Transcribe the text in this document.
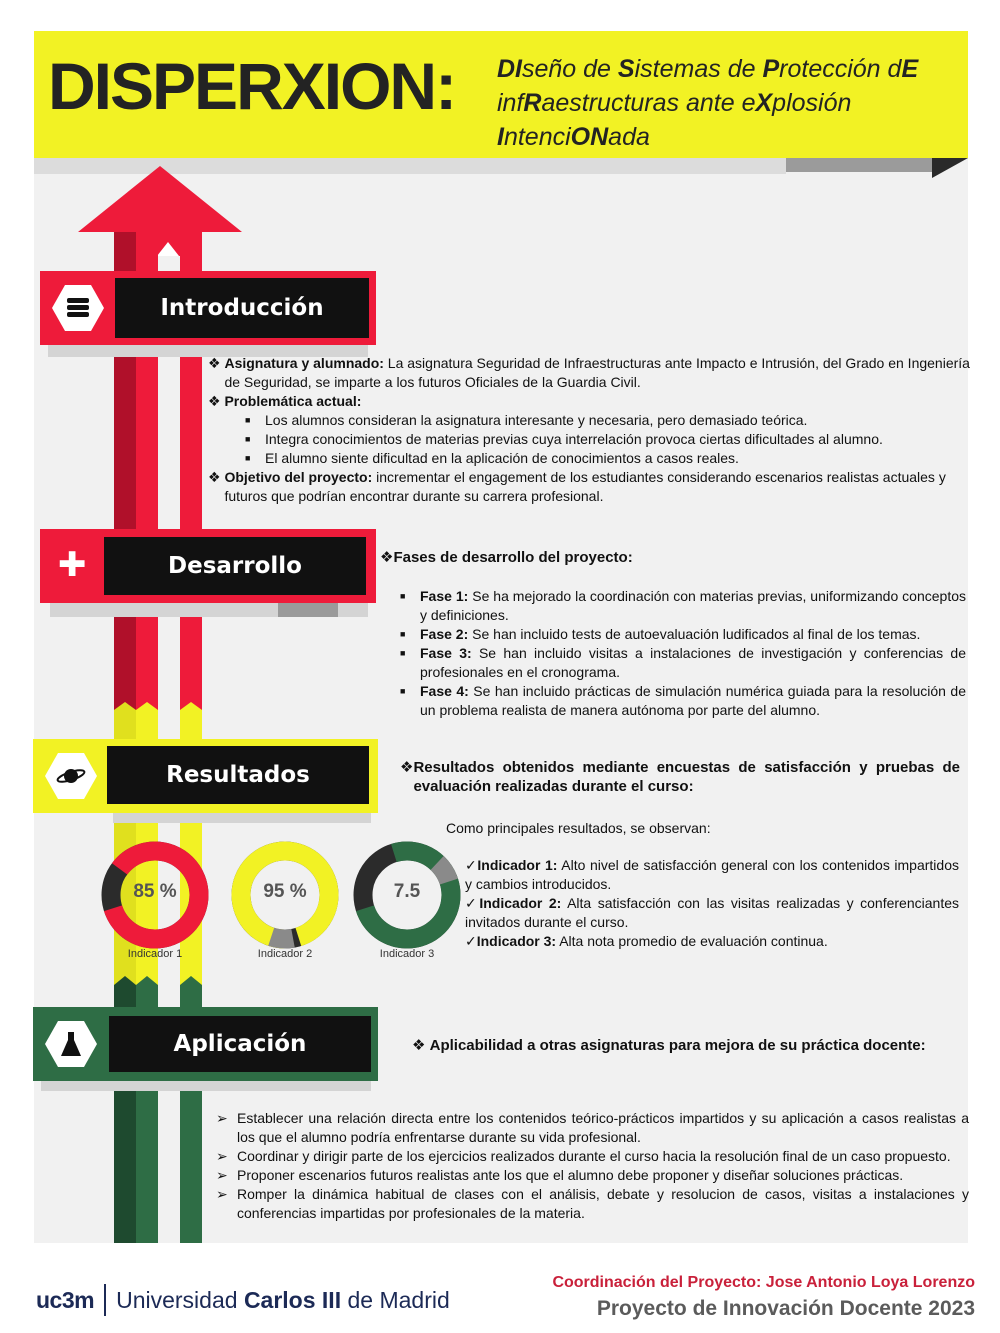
DISPERXION: DIseño de Sistemas de Protección dE
infRaestructuras ante eXplosión
IntenciONada
Introducción
❖ Asignatura y alumnado: La asignatura Seguridad de Infraestructuras ante Impacto e Intrusión, del Grado en Ingeniería de Seguridad, se imparte a los futuros Oficiales de la Guardia Civil.
❖ Problemática actual:
■ Los alumnos consideran la asignatura interesante y necesaria, pero demasiado teórica.
■ Integra conocimientos de materias previas cuya interrelación provoca ciertas dificultades al alumno.
■ El alumno siente dificultad en la aplicación de conocimientos a casos reales.
❖ Objetivo del proyecto: incrementar el engagement de los estudiantes considerando escenarios realistas actuales y futuros que podrían encontrar durante su carrera profesional.
✚	Desarrollo	❖ Fases de desarrollo del proyecto:
■ Fase 1: Se ha mejorado la coordinación con materias previas, uniformizando conceptos y definiciones.
■ Fase 2: Se han incluido tests de autoevaluación ludificados al final de los temas.
■ Fase 3: Se han incluido visitas a instalaciones de investigación y conferencias de profesionales en el cronograma.
■ Fase 4: Se han incluido prácticas de simulación numérica guiada para la resolución de un problema realista de manera autónoma por parte del alumno.
Resultados	❖ Resultados obtenidos mediante encuestas de satisfacción y pruebas de evaluación realizadas durante el curso:
Como principales resultados, se observan:
✓Indicador 1: Alto nivel de satisfacción general con los contenidos impartidos y cambios introducidos.
✓Indicador 2: Alta satisfacción con las visitas realizadas y conferenciantes invitados durante el curso.
✓Indicador 3: Alta nota promedio de evaluación continua.
85 %
Indicador 1
95 %
Indicador 2
7.5
Indicador 3
Aplicación	❖ Aplicabilidad a otras asignaturas para mejora de su práctica docente:
➢ Establecer una relación directa entre los contenidos teórico-prácticos impartidos y su aplicación a casos realistas a los que el alumno podría enfrentarse durante su vida profesional.
➢ Coordinar y dirigir parte de los ejercicios realizados durante el curso hacia la resolución final de un caso propuesto.
➢ Proponer escenarios futuros realistas ante los que el alumno debe proponer y diseñar soluciones prácticas.
➢ Romper la dinámica habitual de clases con el análisis, debate y resolucion de casos, visitas a instalaciones y conferencias impartidas por profesionales de la materia.
uc3m Universidad Carlos III de Madrid
Coordinación del Proyecto: Jose Antonio Loya Lorenzo
Proyecto de Innovación Docente 2023
